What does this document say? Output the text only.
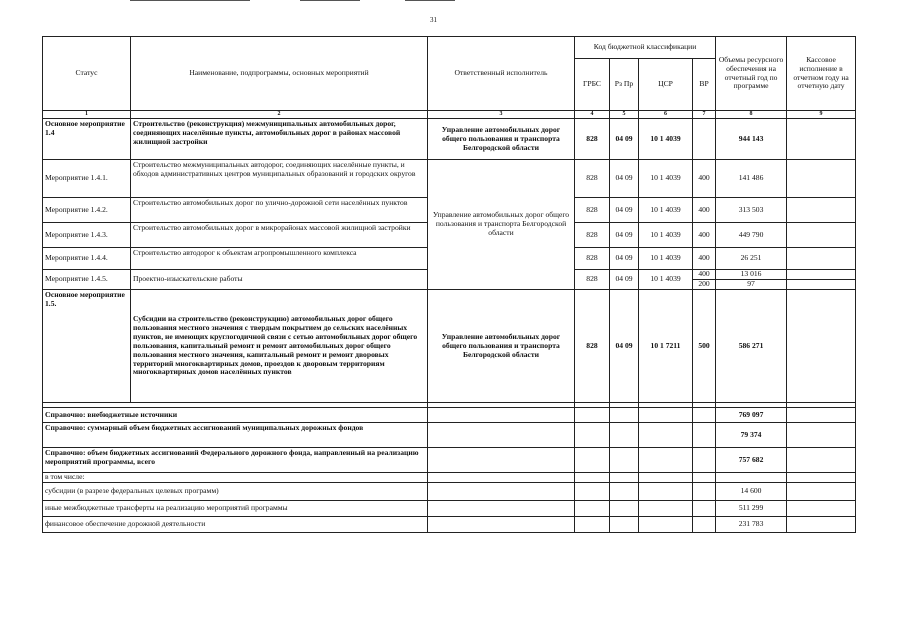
31
Статус	Наименование, подпрограммы, основных мероприятий	Ответственный исполнитель	Код бюджетной классификации				Объемы ресурсного обеспечения на отчетный год по программе	Кассовое исполнение в отчетном году на отчетную дату
			ГРБС	Рз Пр	ЦСР	ВР		
1	2	3	4	5	6	7	8	9
Основное мероприятие 1.4	Строительство (реконструкция) межмуниципальных автомобильных дорог, соединяющих населённые пункты, автомобильных дорог в районах массовой жилищной застройки	Управление автомобильных дорог общего пользования и транспорта Белгородской области	828	04 09	10 1 4039		944 143	
Мероприятие 1.4.1.	Строительство межмуниципальных автодорог, соединяющих населённые пункты, и обходов административных центров муниципальных образований и городских округов	Управление автомобильных дорог общего пользования и транспорта Белгородской области	828	04 09	10 1 4039	400	141 486	
Мероприятие 1.4.2.	Строительство автомобильных дорог по улично-дорожной сети населённых пунктов		828	04 09	10 1 4039	400	313 503	
Мероприятие 1.4.3.	Строительство автомобильных дорог в микрорайонах массовой жилищной застройки		828	04 09	10 1 4039	400	449 790	
Мероприятие 1.4.4.	Строительство автодорог к объектам агропромышленного комплекса		828	04 09	10 1 4039	400	26 251	
Мероприятие 1.4.5.	Проектно-изыскательские работы		828	04 09	10 1 4039	400	13 016	
						200	97	
Основное мероприятие 1.5.	Субсидии на строительство (реконструкцию) автомобильных дорог общего пользования местного значения с твердым покрытием до сельских населённых пунктов, не имеющих круглогодичной связи с сетью автомобильных дорог общего пользования, капитальный ремонт и ремонт автомобильных дорог общего пользования местного значения, капитальный ремонт и ремонт дворовых территорий многоквартирных домов, проездов к дворовым территориям многоквартирных домов населённых пунктов	Управление автомобильных дорог общего пользования и транспорта Белгородской области	828	04 09	10 1 7211	500	586 271	

Справочно: внебюджетные источники							769 097	
Справочно: суммарный объем бюджетных ассигнований муниципальных дорожных фондов							79 374	
Справочно: объем бюджетных ассигнований Федерального дорожного фонда, направленный на реализацию мероприятий программы, всего							757 682	
в том числе:								
субсидии (в разрезе федеральных целевых программ)							14 600	
иные межбюджетные трансферты на реализацию мероприятий программы							511 299	
финансовое обеспечение дорожной деятельности							231 783	
